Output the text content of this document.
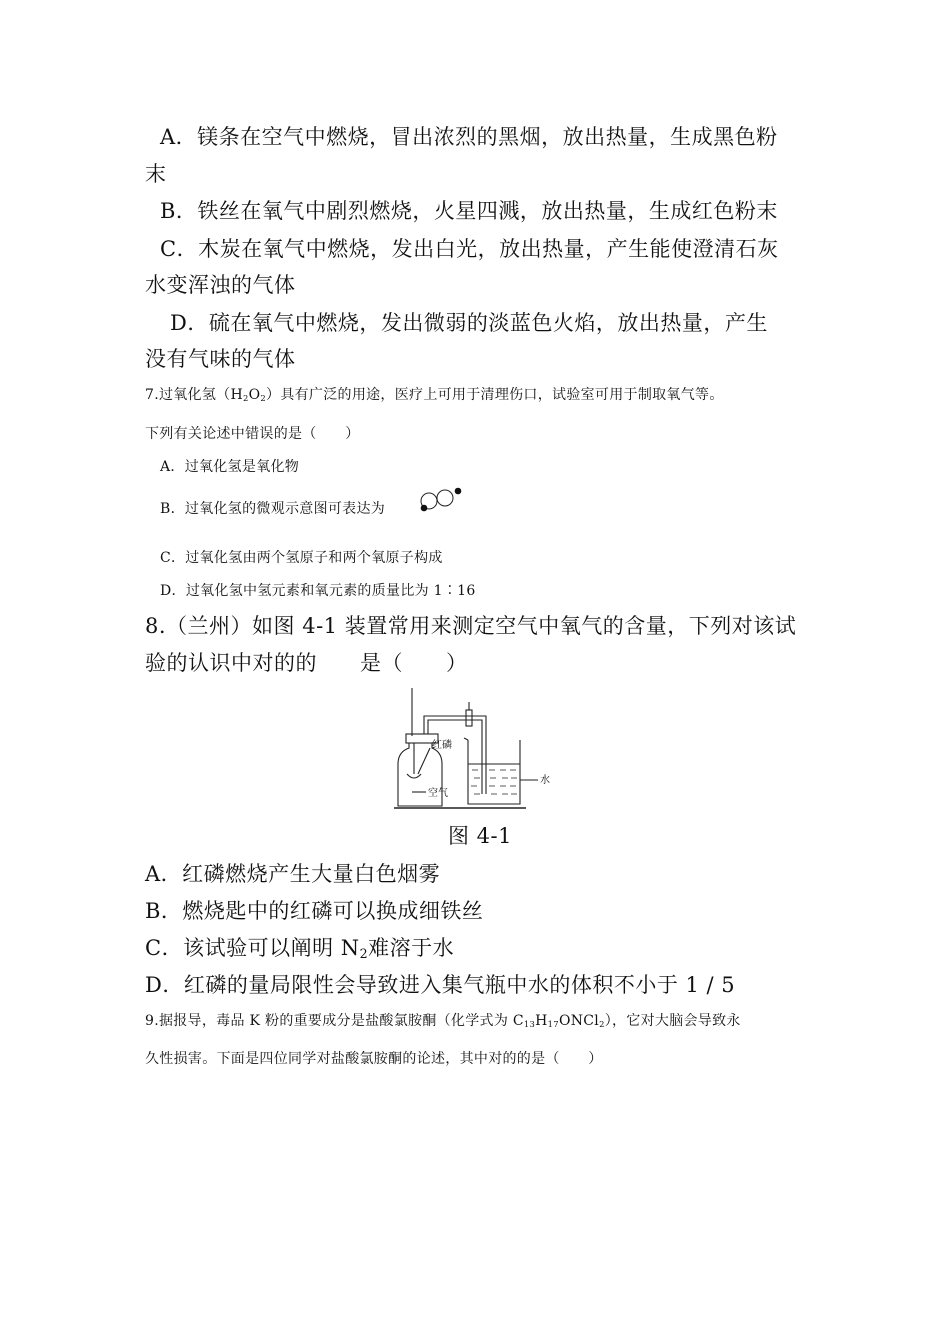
A．镁条在空气中燃烧，冒出浓烈的黑烟，放出热量，生成黑色粉
末
B．铁丝在氧气中剧烈燃烧，火星四溅，放出热量，生成红色粉末
C．木炭在氧气中燃烧，发出白光，放出热量，产生能使澄清石灰
水变浑浊的气体
D．硫在氧气中燃烧，发出微弱的淡蓝色火焰，放出热量，产生
没有气味的气体
7.过氧化氢$(H_2O_2)$具有广泛的用途，医疗上可用于清理伤口，试验室可用于制取氧气等。
下列有关论述中错误的是（　　）
A．过氧化氢是氧化物
B．过氧化氢的微观示意图可表达为
C．过氧化氢由两个氢原子和两个氧原子构成
D．过氧化氢中氢元素和氧元素的质量比为 1∶16
8.（兰州）如图 4-1 装置常用来测定空气中氧气的含量，下列对该试
验的认识中对的的　　是（　　）
红磷
空气
水
图 4-1
A．红磷燃烧产生大量白色烟雾
B．燃烧匙中的红磷可以换成细铁丝
C．该试验可以阐明 $N_2$难溶于水
D．红磷的量局限性会导致进入集气瓶中水的体积不小于 1 / 5
9.据报导，毒品 K 粉的重要成分是盐酸氯胺酮（化学式为 $C_{13}H_{17}ONCl_2$），它对大脑会导致永
久性损害。下面是四位同学对盐酸氯胺酮的论述，其中对的的是（　　）
